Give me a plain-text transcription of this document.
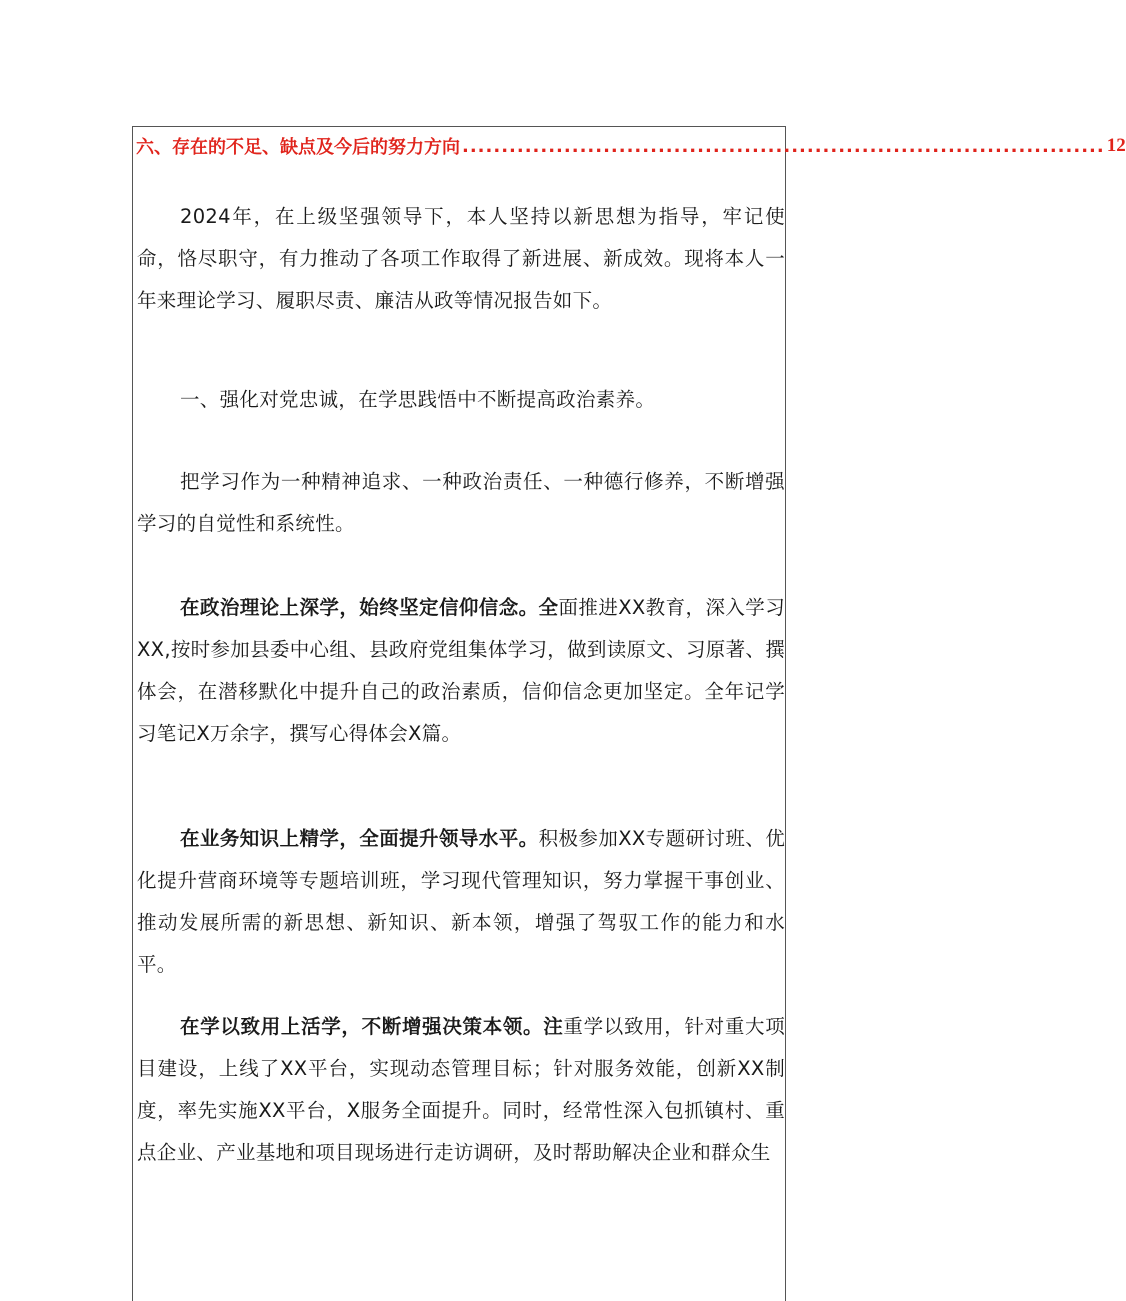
六、存在的不足、缺点及今后的努力方向 .................................................................................. 12

2024年，在上级坚强领导下，本人坚持以新思想为指导，牢记使命，恪尽职守，有力推动了各项工作取得了新进展、新成效。现将本人一年来理论学习、履职尽责、廉洁从政等情况报告如下。

一、强化对党忠诚，在学思践悟中不断提高政治素养。

把学习作为一种精神追求、一种政治责任、一种德行修养，不断增强学习的自觉性和系统性。

在政治理论上深学，始终坚定信仰信念。全面推进XX教育，深入学习XX,按时参加县委中心组、县政府党组集体学习，做到读原文、习原著、撰体会，在潜移默化中提升自己的政治素质，信仰信念更加坚定。全年记学习笔记X万余字，撰写心得体会X篇。

在业务知识上精学，全面提升领导水平。积极参加XX专题研讨班、优化提升营商环境等专题培训班，学习现代管理知识，努力掌握干事创业、推动发展所需的新思想、新知识、新本领，增强了驾驭工作的能力和水平。

在学以致用上活学，不断增强决策本领。注重学以致用，针对重大项目建设，上线了XX平台，实现动态管理目标；针对服务效能，创新XX制度，率先实施XX平台，X服务全面提升。同时，经常性深入包抓镇村、重点企业、产业基地和项目现场进行走访调研，及时帮助解决企业和群众生
